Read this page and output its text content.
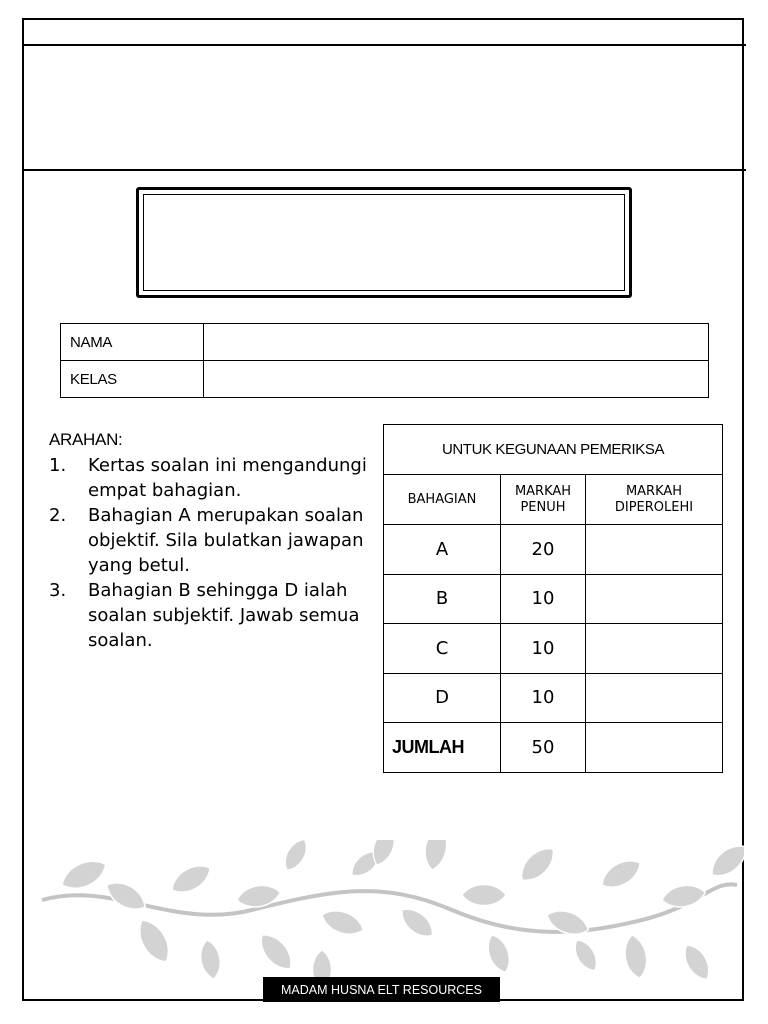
NAMA	
KELAS	
ARAHAN:
1.	Kertas soalan ini mengandungi empat bahagian.
2.	Bahagian A merupakan soalan objektif. Sila bulatkan jawapan yang betul.
3.	Bahagian B sehingga D ialah soalan subjektif. Jawab semua soalan.
UNTUK KEGUNAAN PEMERIKSA		
BAHAGIAN	MARKAH PENUH	MARKAH DIPEROLEHI
A	20	
B	10	
C	10	
D	10	
JUMLAH	50	
MADAM HUSNA ELT RESOURCES
